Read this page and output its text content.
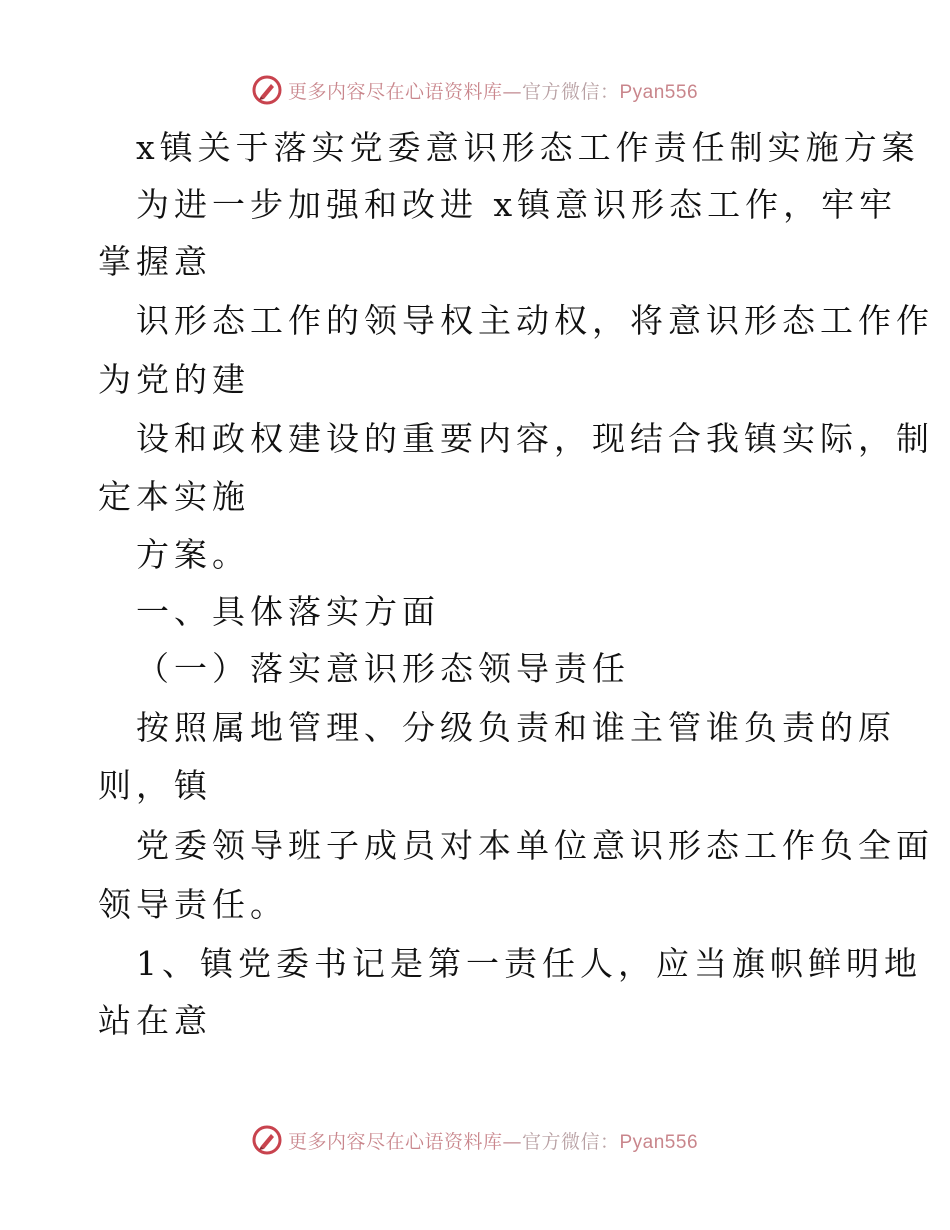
更多内容尽在心语资料库—官方微信：Pyan556
x镇关于落实党委意识形态工作责任制实施方案
为进一步加强和改进 x镇意识形态工作，牢牢
掌握意
识形态工作的领导权主动权，将意识形态工作作
为党的建
设和政权建设的重要内容，现结合我镇实际，制
定本实施
方案。
一、具体落实方面
（一）落实意识形态领导责任
按照属地管理、分级负责和谁主管谁负责的原
则，镇
党委领导班子成员对本单位意识形态工作负全面
领导责任。
1、镇党委书记是第一责任人，应当旗帜鲜明地
站在意
更多内容尽在心语资料库—官方微信：Pyan556
